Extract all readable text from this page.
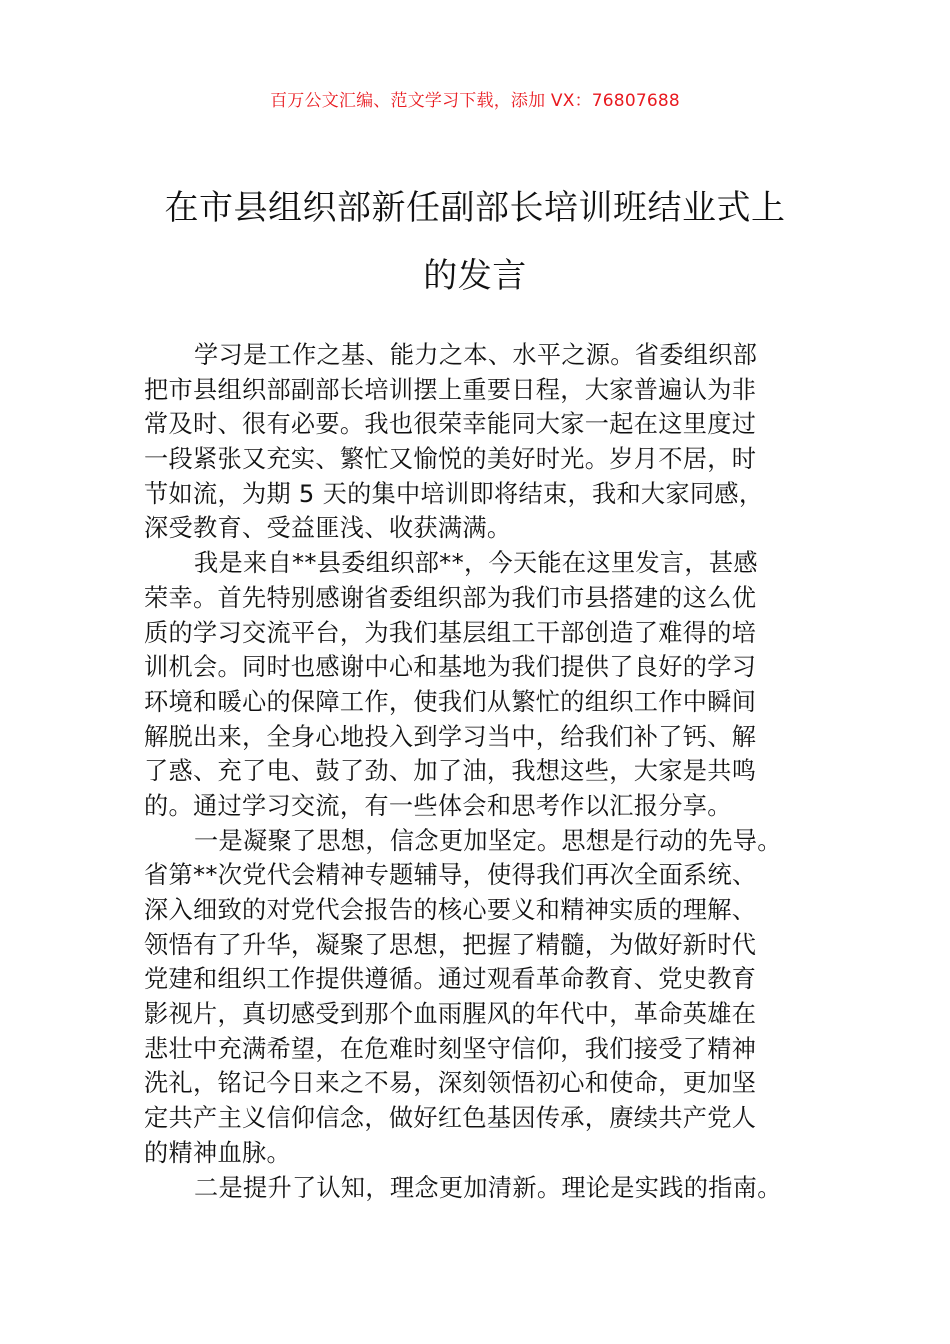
百万公文汇编、范文学习下载，添加 VX：76807688
在市县组织部新任副部长培训班结业式上
的发言
学习是工作之基、能力之本、水平之源。省委组织部
把市县组织部副部长培训摆上重要日程，大家普遍认为非
常及时、很有必要。我也很荣幸能同大家一起在这里度过
一段紧张又充实、繁忙又愉悦的美好时光。岁月不居，时
节如流，为期 5 天的集中培训即将结束，我和大家同感，
深受教育、受益匪浅、收获满满。
我是来自**县委组织部**，今天能在这里发言，甚感
荣幸。首先特别感谢省委组织部为我们市县搭建的这么优
质的学习交流平台，为我们基层组工干部创造了难得的培
训机会。同时也感谢中心和基地为我们提供了良好的学习
环境和暖心的保障工作，使我们从繁忙的组织工作中瞬间
解脱出来，全身心地投入到学习当中，给我们补了钙、解
了惑、充了电、鼓了劲、加了油，我想这些，大家是共鸣
的。通过学习交流，有一些体会和思考作以汇报分享。
一是凝聚了思想，信念更加坚定。思想是行动的先导。
省第**次党代会精神专题辅导，使得我们再次全面系统、
深入细致的对党代会报告的核心要义和精神实质的理解、
领悟有了升华，凝聚了思想，把握了精髓，为做好新时代
党建和组织工作提供遵循。通过观看革命教育、党史教育
影视片，真切感受到那个血雨腥风的年代中，革命英雄在
悲壮中充满希望，在危难时刻坚守信仰，我们接受了精神
洗礼，铭记今日来之不易，深刻领悟初心和使命，更加坚
定共产主义信仰信念，做好红色基因传承，赓续共产党人
的精神血脉。
二是提升了认知，理念更加清新。理论是实践的指南。
